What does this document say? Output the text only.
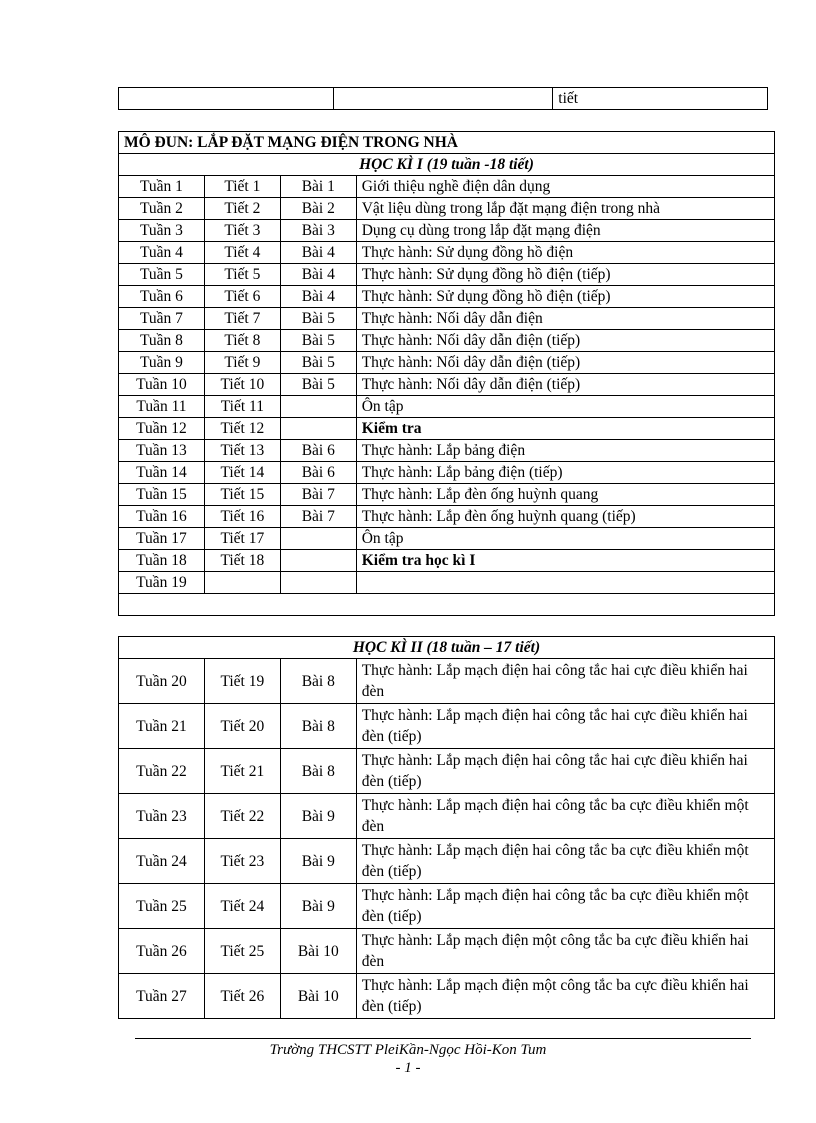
		tiết
MÔ ĐUN: LẮP ĐẶT MẠNG ĐIỆN TRONG NHÀ			
HỌC KÌ I (19 tuần -18 tiết)			
Tuần 1	Tiết 1	Bài 1	Giới thiệu nghề điện dân dụng
Tuần 2	Tiết 2	Bài 2	Vật liệu dùng trong lắp đặt mạng điện trong nhà
Tuần 3	Tiết 3	Bài 3	Dụng cụ dùng trong lắp đặt mạng điện
Tuần 4	Tiết 4	Bài 4	Thực hành: Sử dụng đồng hồ điện
Tuần 5	Tiết 5	Bài 4	Thực hành: Sử dụng đồng hồ điện (tiếp)
Tuần 6	Tiết 6	Bài 4	Thực hành: Sử dụng đồng hồ điện (tiếp)
Tuần 7	Tiết 7	Bài 5	Thực hành: Nối dây dẫn điện
Tuần 8	Tiết 8	Bài 5	Thực hành: Nối dây dẫn điện (tiếp)
Tuần 9	Tiết 9	Bài 5	Thực hành: Nối dây dẫn điện (tiếp)
Tuần 10	Tiết 10	Bài 5	Thực hành: Nối dây dẫn điện (tiếp)
Tuần 11	Tiết 11		Ôn tập
Tuần 12	Tiết 12		Kiểm tra
Tuần 13	Tiết 13	Bài 6	Thực hành: Lắp bảng điện
Tuần 14	Tiết 14	Bài 6	Thực hành: Lắp bảng điện (tiếp)
Tuần 15	Tiết 15	Bài 7	Thực hành: Lắp đèn ống huỳnh quang
Tuần 16	Tiết 16	Bài 7	Thực hành: Lắp đèn ống huỳnh quang (tiếp)
Tuần 17	Tiết 17		Ôn tập
Tuần 18	Tiết 18		Kiểm tra học kì I
Tuần 19			

HỌC KÌ II (18 tuần – 17 tiết)			
Tuần 20	Tiết 19	Bài 8	Thực hành: Lắp mạch điện hai công tắc hai cực điều khiển hai đèn
Tuần 21	Tiết 20	Bài 8	Thực hành: Lắp mạch điện hai công tắc hai cực điều khiển hai đèn (tiếp)
Tuần 22	Tiết 21	Bài 8	Thực hành: Lắp mạch điện hai công tắc hai cực điều khiển hai đèn (tiếp)
Tuần 23	Tiết 22	Bài 9	Thực hành: Lắp mạch điện hai công tắc ba cực điều khiển một đèn
Tuần 24	Tiết 23	Bài 9	Thực hành: Lắp mạch điện hai công tắc ba cực điều khiển một đèn (tiếp)
Tuần 25	Tiết 24	Bài 9	Thực hành: Lắp mạch điện hai công tắc ba cực điều khiển một đèn (tiếp)
Tuần 26	Tiết 25	Bài 10	Thực hành: Lắp mạch điện một công tắc ba cực điều khiển hai đèn
Tuần 27	Tiết 26	Bài 10	Thực hành: Lắp mạch điện một công tắc ba cực điều khiển hai đèn (tiếp)
Trường THCSTT PleiKần-Ngọc Hồi-Kon Tum
- 1 -
